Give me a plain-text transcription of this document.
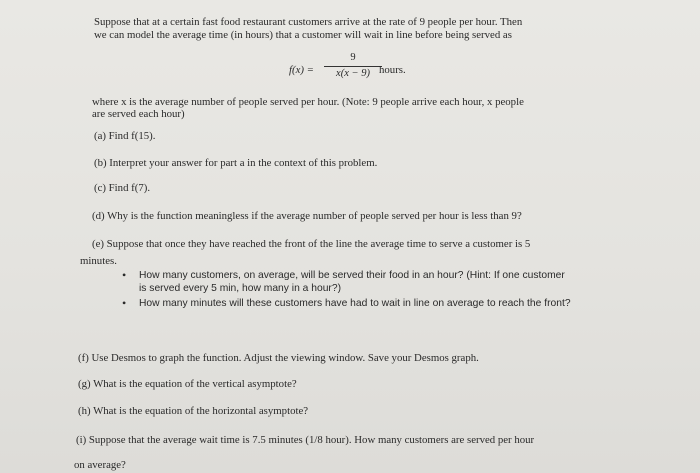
Suppose that at a certain fast food restaurant customers arrive at the rate of 9 people per hour. Then
we can model the average time (in hours) that a customer will wait in line before being served as
f(x) =
9
x(x − 9) hours.
where x is the average number of people served per hour. (Note: 9 people arrive each hour, x people
are served each hour)
(a) Find f(15).
(b) Interpret your answer for part a in the context of this problem.
(c) Find f(7).
(d) Why is the function meaningless if the average number of people served per hour is less than 9?
(e) Suppose that once they have reached the front of the line the average time to serve a customer is 5
minutes.
• How many customers, on average, will be served their food in an hour? (Hint: If one customer
is served every 5 min, how many in a hour?)
• How many minutes will these customers have had to wait in line on average to reach the front?
(f) Use Desmos to graph the function. Adjust the viewing window. Save your Desmos graph.
(g) What is the equation of the vertical asymptote?
(h) What is the equation of the horizontal asymptote?
(i) Suppose that the average wait time is 7.5 minutes (1/8 hour). How many customers are served per hour
on average?
